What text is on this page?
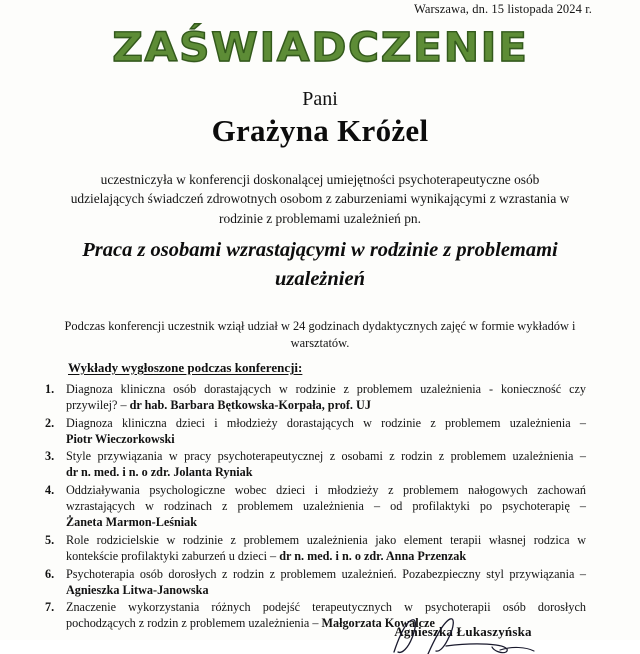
Warszawa, dn. 15 listopada 2024 r.
ZAŚWIADCZENIE
Pani
Grażyna Króżel
uczestniczyła w konferencji doskonalącej umiejętności psychoterapeutyczne osób udzielających świadczeń zdrowotnych osobom z zaburzeniami wynikającymi z wzrastania w rodzinie z problemami uzależnień pn.
Praca z osobami wzrastającymi w rodzinie z problemami uzależnień
Podczas konferencji uczestnik wziął udział w 24 godzinach dydaktycznych zajęć w formie wykładów i warsztatów.
Wykłady wygłoszone podczas konferencji:
1. Diagnoza kliniczna osób dorastających w rodzinie z problemem uzależnienia - konieczność czy przywilej? – dr hab. Barbara Bętkowska-Korpała, prof. UJ
2. Diagnoza kliniczna dzieci i młodzieży dorastających w rodzinie z problemem uzależnienia – Piotr Wieczorkowski
3. Style przywiązania w pracy psychoterapeutycznej z osobami z rodzin z problemem uzależnienia – dr n. med. i n. o zdr. Jolanta Ryniak
4. Oddziaływania psychologiczne wobec dzieci i młodzieży z problemem nałogowych zachowań wzrastających w rodzinach z problemem uzależnienia – od profilaktyki po psychoterapię – Żaneta Marmon-Leśniak
5. Role rodzicielskie w rodzinie z problemem uzależnienia jako element terapii własnej rodzica w kontekście profilaktyki zaburzeń u dzieci – dr n. med. i n. o zdr. Anna Przenzak
6. Psychoterapia osób dorosłych z rodzin z problemem uzależnień. Pozabezpieczny styl przywiązania –Agnieszka Litwa-Janowska
7. Znaczenie wykorzystania różnych podejść terapeutycznych w psychoterapii osób dorosłych pochodzących z rodzin z problemem uzależnienia – Małgorzata Kowalcze
Agnieszka Łukaszyńska
